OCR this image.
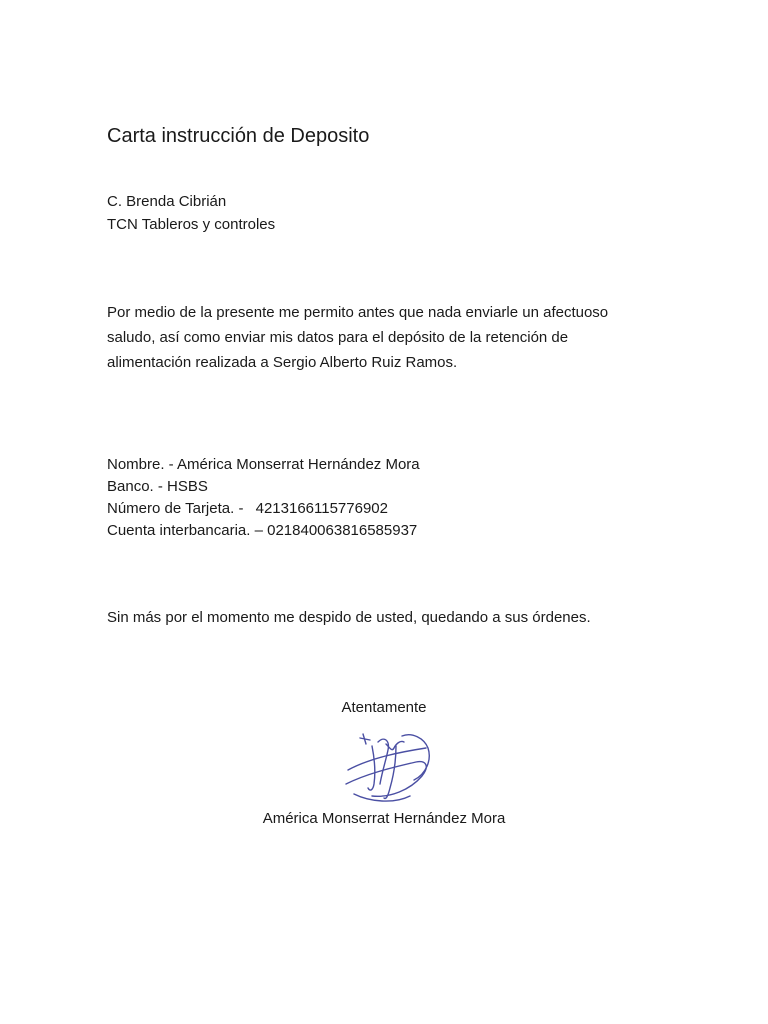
Carta instrucción de Deposito
C. Brenda Cibrián
TCN Tableros y controles
Por medio de la presente me permito antes que nada enviarle un afectuoso
saludo, así como enviar mis datos para el depósito de la retención de
alimentación realizada a Sergio Alberto Ruiz Ramos.
Nombre. - América Monserrat Hernández Mora
Banco. - HSBS
Número de Tarjeta. - 4213166115776902
Cuenta interbancaria. – 021840063816585937
Sin más por el momento me despido de usted, quedando a sus órdenes.
Atentamente
América Monserrat Hernández Mora
